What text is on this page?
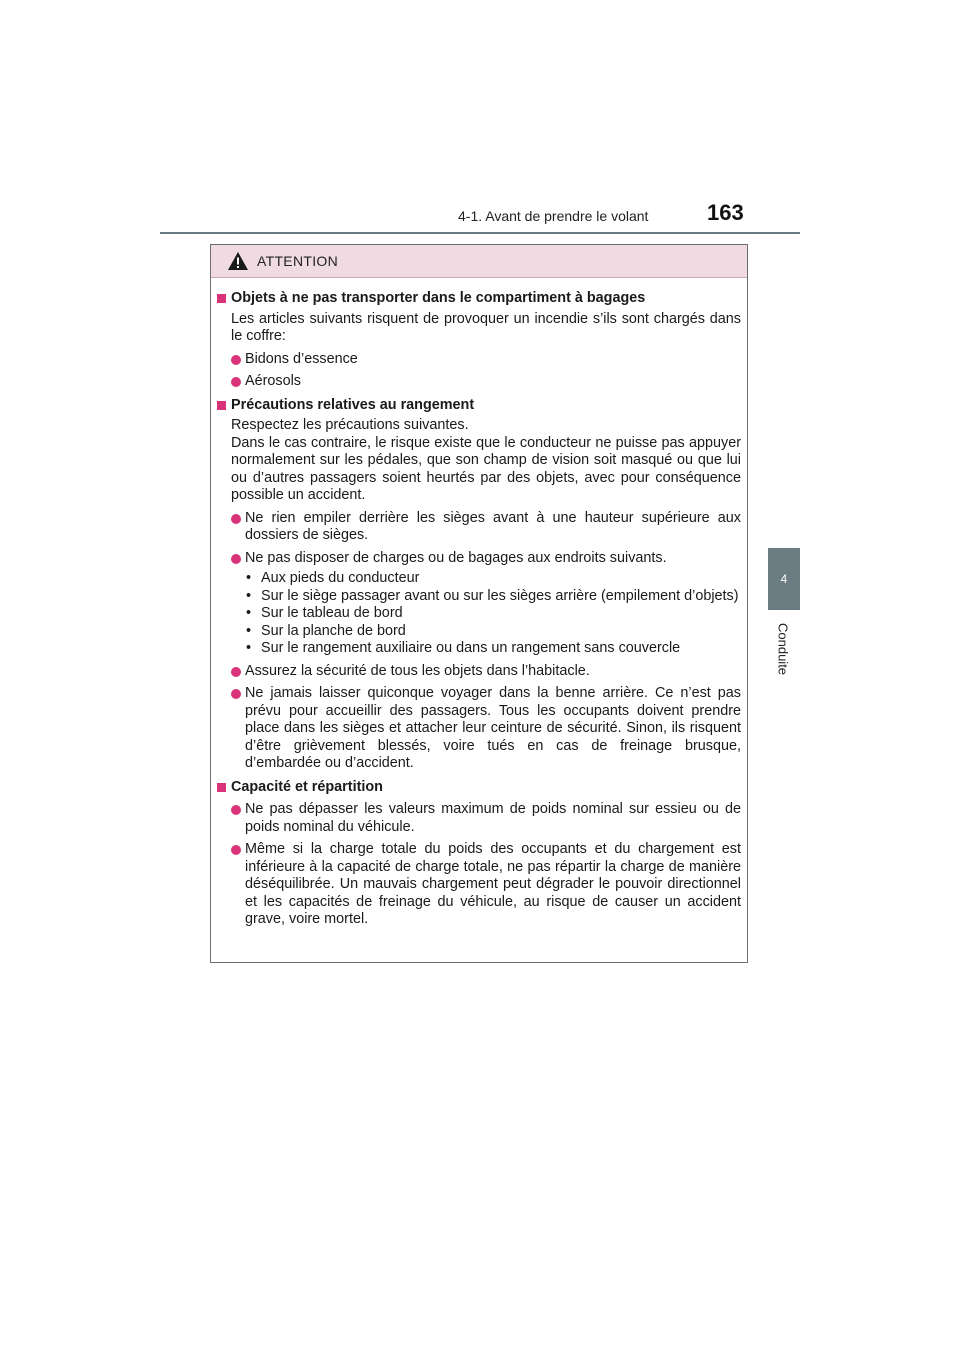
4-1. Avant de prendre le volant	163
4
Conduite
ATTENTION
Objets à ne pas transporter dans le compartiment à bagages
Les articles suivants risquent de provoquer un incendie s’ils sont chargés dans le coffre:
Bidons d’essence
Aérosols
Précautions relatives au rangement
Respectez les précautions suivantes.
Dans le cas contraire, le risque existe que le conducteur ne puisse pas appuyer normalement sur les pédales, que son champ de vision soit masqué ou que lui ou d’autres passagers soient heurtés par des objets, avec pour conséquence possible un accident.
Ne rien empiler derrière les sièges avant à une hauteur supérieure aux dossiers de sièges.
Ne pas disposer de charges ou de bagages aux endroits suivants.
• Aux pieds du conducteur
• Sur le siège passager avant ou sur les sièges arrière (empilement d’objets)
• Sur le tableau de bord
• Sur la planche de bord
• Sur le rangement auxiliaire ou dans un rangement sans couvercle
Assurez la sécurité de tous les objets dans l’habitacle.
Ne jamais laisser quiconque voyager dans la benne arrière. Ce n’est pas prévu pour accueillir des passagers. Tous les occupants doivent prendre place dans les sièges et attacher leur ceinture de sécurité. Sinon, ils risquent d’être grièvement blessés, voire tués en cas de freinage brusque, d’embardée ou d’accident.
Capacité et répartition
Ne pas dépasser les valeurs maximum de poids nominal sur essieu ou de poids nominal du véhicule.
Même si la charge totale du poids des occupants et du chargement est inférieure à la capacité de charge totale, ne pas répartir la charge de manière déséquilibrée. Un mauvais chargement peut dégrader le pouvoir directionnel et les capacités de freinage du véhicule, au risque de causer un accident grave, voire mortel.
